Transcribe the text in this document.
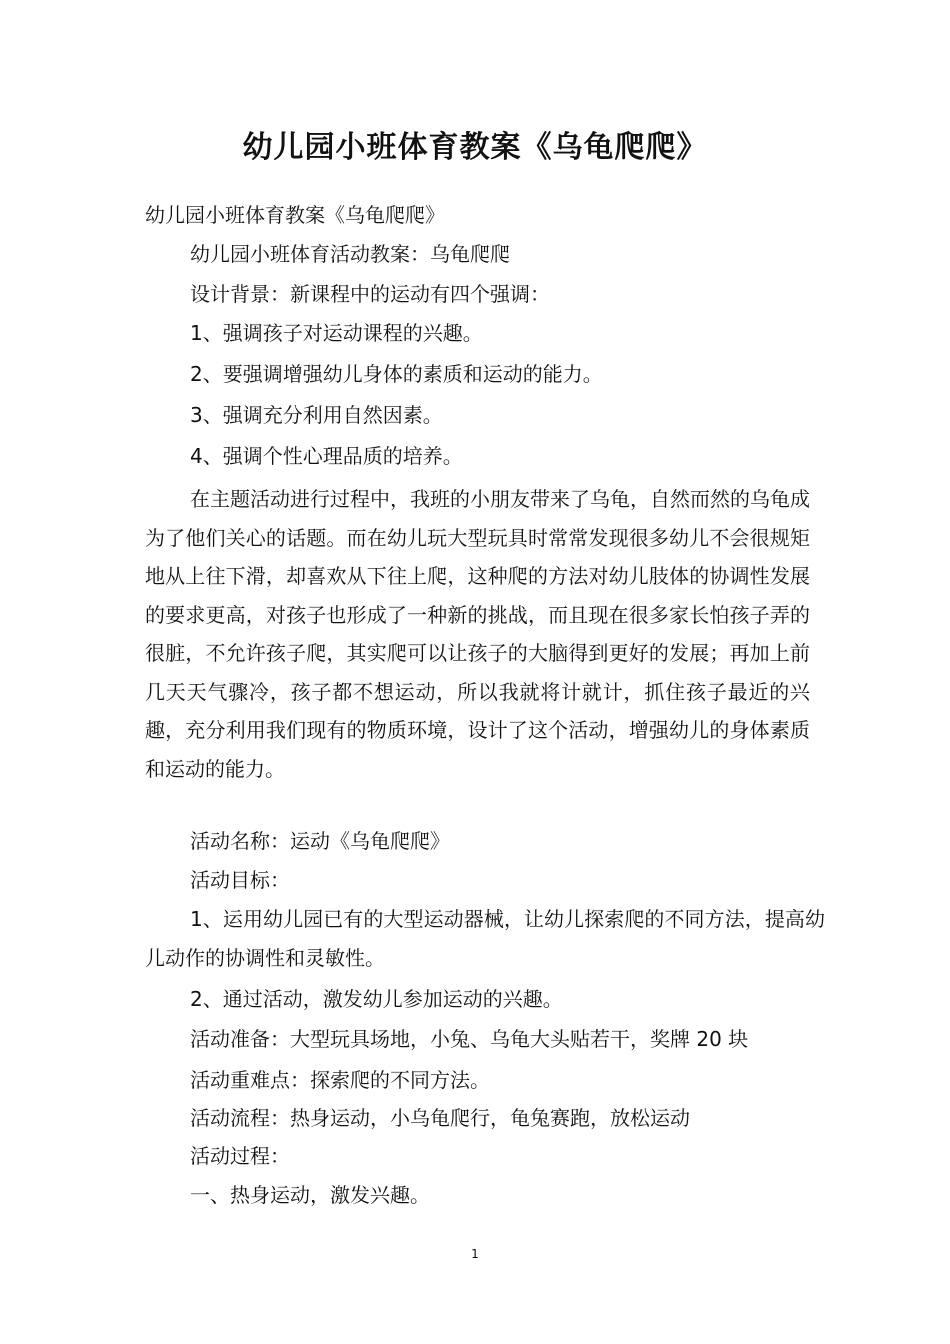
幼儿园小班体育教案《乌龟爬爬》

幼儿园小班体育教案《乌龟爬爬》

幼儿园小班体育活动教案：乌龟爬爬

设计背景：新课程中的运动有四个强调：

1、强调孩子对运动课程的兴趣。

2、要强调增强幼儿身体的素质和运动的能力。

3、强调充分利用自然因素。

4、强调个性心理品质的培养。

在主题活动进行过程中，我班的小朋友带来了乌龟，自然而然的乌龟成为了他们关心的话题。而在幼儿玩大型玩具时常常发现很多幼儿不会很规矩地从上往下滑，却喜欢从下往上爬，这种爬的方法对幼儿肢体的协调性发展的要求更高，对孩子也形成了一种新的挑战，而且现在很多家长怕孩子弄的很脏，不允许孩子爬，其实爬可以让孩子的大脑得到更好的发展；再加上前几天天气骤冷，孩子都不想运动，所以我就将计就计，抓住孩子最近的兴趣，充分利用我们现有的物质环境，设计了这个活动，增强幼儿的身体素质和运动的能力。

活动名称：运动《乌龟爬爬》

活动目标：

1、运用幼儿园已有的大型运动器械，让幼儿探索爬的不同方法，提高幼儿动作的协调性和灵敏性。

2、通过活动，激发幼儿参加运动的兴趣。

活动准备：大型玩具场地，小兔、乌龟大头贴若干，奖牌 20 块

活动重难点：探索爬的不同方法。

活动流程：热身运动，小乌龟爬行，龟兔赛跑，放松运动

活动过程：

一、热身运动，激发兴趣。

1
